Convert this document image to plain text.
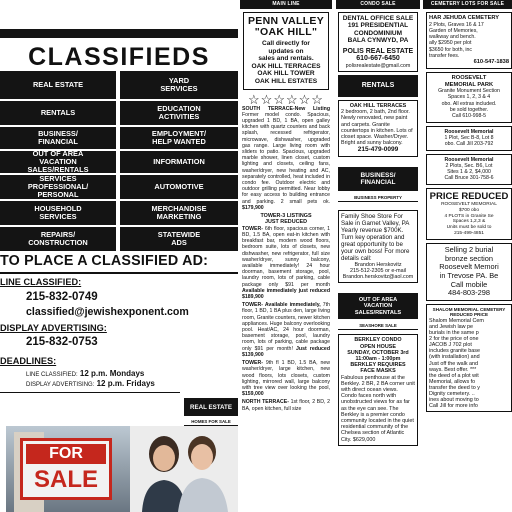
CLASSIFIEDS
REAL ESTATE	YARD
SERVICES
RENTALS	EDUCATION
ACTIVITIES
BUSINESS/
FINANCIAL
EMPLOYMENT/
HELP WANTED
OUT OF AREA
VACATION
SALES/RENTALS
INFORMATION
SERVICES
PROFESSIONAL/
PERSONAL
AUTOMOTIVE
HOUSEHOLD
SERVICES
MERCHANDISE
MARKETING
REPAIRS/
CONSTRUCTION
STATEWIDE
ADS
TO PLACE A CLASSIFIED AD:
LINE CLASSIFIED:
215-832-0749
classified@jewishexponent.com
DISPLAY ADVERTISING:
215-832-0753
DEADLINES:
LINE CLASSIFIED: 12 p.m. Mondays
DISPLAY ADVERTISING: 12 p.m. Fridays
REAL ESTATE
HOMES FOR SALE
FOR
SALE
MAIN LINE
PENN VALLEY
"OAK HILL"
Call directly for
updates on
sales and rentals.
OAK HILL TERRACES
OAK HILL TOWER
OAK HILL ESTATES
☆☆☆☆☆☆
SOUTH TERRACE-New Listing Former model condo. Spacious, upgraded 1 BD, 1 BA, open galley kitchen with quartz counters and back splash, recessed refrigerator, microwave, dishwasher, upgraded gas range. Large living room with sliders to patio. Spacious, upgraded marble shower, linen closet, custom lighting and closets, ceiling fans, washer/dryer, new heating and AC, separately controlled, heat included in condo fee. Outdoor electric and outdoor grilling permitted. Near lobby for easy access to building entrance and parking. 2 small pets ok. $179,900
TOWER-3 LISTINGS
JUST REDUCED
TOWER- 6th floor, spacious corner, 1 BD, 1.5 BA, open eat-in kitchen with breakfast bar, modern wood floors, bedroom suite, lots of closets, new dishwasher, new refrigerator, full size washer/dryer, sunny balcony, available immediately! 24 hour doorman, basement storage, pool, laundry room, lots of parking, cable package only $91 per month Available immediately just reduced $189,900
TOWER- Available immediately, 7th floor, 1 BD, 1 BA plus den, large living room, Granite counters, newer kitchen appliances. Huge balcony overlooking pool. Heat/AC, 24 hour doorman, basement storage, pool, laundry room, lots of parking, cable package only $91 per month! Just reduced $139,900
TOWER- 9th fl 1 BD, 1.5 BA, new washer/dryer, large kitchen, new wood floors, lots closets, custom lighting, mirrored wall, large balcony with tree view over looking the pool, $159,000
NORTH TERRACE- 1st floor, 2 BD, 2 BA, open kitchen, full size
CONDO SALE
DENTAL OFFICE SALE
191 PRESIDENTIAL
CONDOMINIUM
BALA CYNWYD, PA
POLIS REAL ESTATE
610-667-6450
polisrealestate@gmail.com
RENTALS
OAK HILL TERRACES
2 bedroom, 2 bath, 2nd floor. Newly renovated, new paint and carpets. Granite countertops in kitchen. Lots of closet space. Washer/Dryer. Bright and sunny balcony.
215-479-0099
BUSINESS/
FINANCIAL
BUSINESS PROPERTY
Family Shoe Store For Sale in Garnet Valley, PA Yearly revenue $700K. Turn key operation and great opportunity to be your own boss! For more details call:
Brandon Herskovitz
215-512-2305 or e-mail
Brandon.herskovitz@aol.com
OUT OF AREA
VACATION
SALES/RENTALS
SEASHORE SALE
BERKLEY CONDO
OPEN HOUSE
SUNDAY, OCTOBER 3rd
11:00am - 1:00pm
BERKLEY REQUIRES
FACE MASKS
Fabulous penthouse at the Berkley. 2 BR, 2 BA corner unit with direct ocean views. Condo faces north with unobstructed views for as far as the eye can see. The Berkley is a premier condo community located in the quiet residential community of the Chelsea section of Atlantic City. $629,000
CEMETERY LOTS FOR SALE
HAR JEHUDA CEMETERY
2 Plots, Graves 16 & 17
Garden of Memories,
walkway and bench.
ally $2950 per plot
$3650 for both, inc
transfer fees.
610-547-1838
ROOSEVELT
MEMORIAL PARK
Granite Monument Section
Spaces 1, 2, 3 & 4
obo. All extras included.
be sold together.
Call 610-998-5
Roosevelt Memorial
1 Plot, Sec B-8, Lot 8
obo. Call Jill 203-792
Roosevelt Memorial
2 Plots, Sec. B6, Lot
Sites 1 & 2, $4,000
Call Bruce 301-758-6
PRICE REDUCED
ROOSEVELT MEMORIAL
$700 obo
4 PLOTS in Granite Se
Spaces 1,2,3 &
Units must be sold to
215-499-4851
Selling 2 burial
bronze section
Roosevelt Memori
in Trevose PA. Be
Call mobile
484-803-298
SHALOM MEMORIAL CEMETERY
REDUCED PRICE
Shalom Memorial Cem
and Jewish law pe
burials in the same p
2 for the price of one
JACOB J 702 plot
includes granite base
(with installation) and
Just off the walk and
ways. Best offer. ***
the deed of a plot wit
Memorial, allows fo
transfer the deed to y
Dignity cemetery. ..
ines about moving to
Call Jill for more info
